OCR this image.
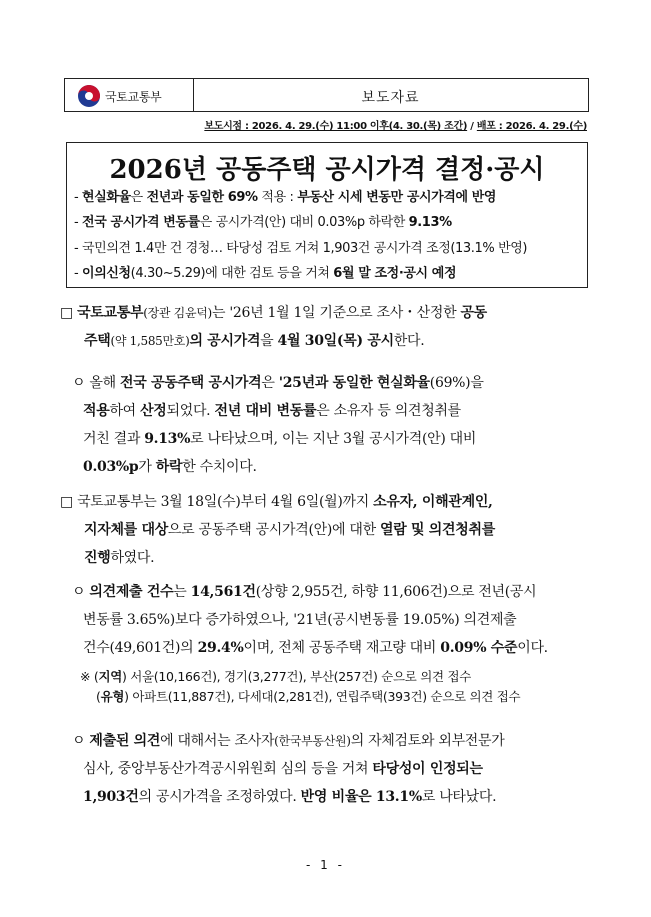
국토교통부	보도자료
보도시점 : 2026. 4. 29.(수) 11:00 이후(4. 30.(목) 조간) / 배포 : 2026. 4. 29.(수)
2026년 공동주택 공시가격 결정·공시
- 현실화율은 전년과 동일한 69% 적용 : 부동산 시세 변동만 공시가격에 반영
- 전국 공시가격 변동률은 공시가격(안) 대비 0.03%p 하락한 9.13%
- 국민의견 1.4만 건 경청… 타당성 검토 거쳐 1,903건 공시가격 조정(13.1% 반영)
- 이의신청(4.30~5.29)에 대한 검토 등을 거쳐 6월 말 조정·공시 예정

□ 국토교통부(장관 김윤덕)는 '26년 1월 1일 기준으로 조사・산정한 공동

주택(약 1,585만호)의 공시가격을 4월 30일(목) 공시한다.

ㅇ 올해 전국 공동주택 공시가격은 '25년과 동일한 현실화율(69%)을

적용하여 산정되었다. 전년 대비 변동률은 소유자 등 의견청취를

거친 결과 9.13%로 나타났으며, 이는 지난 3월 공시가격(안) 대비

0.03%p가 하락한 수치이다.

□ 국토교통부는 3월 18일(수)부터 4월 6일(월)까지 소유자, 이해관계인,

지자체를 대상으로 공동주택 공시가격(안)에 대한 열람 및 의견청취를

진행하였다.

ㅇ 의견제출 건수는 14,561건(상향 2,955건, 하향 11,606건)으로 전년(공시

변동률 3.65%)보다 증가하였으나, '21년(공시변동률 19.05%) 의견제출

건수(49,601건)의 29.4%이며, 전체 공동주택 재고량 대비 0.09% 수준이다.

※ (지역) 서울(10,166건), 경기(3,277건), 부산(257건) 순으로 의견 접수

(유형) 아파트(11,887건), 다세대(2,281건), 연립주택(393건) 순으로 의견 접수

ㅇ 제출된 의견에 대해서는 조사자(한국부동산원)의 자체검토와 외부전문가

심사, 중앙부동산가격공시위원회 심의 등을 거쳐 타당성이 인정되는

1,903건의 공시가격을 조정하였다. 반영 비율은 13.1%로 나타났다.

- 1 -
